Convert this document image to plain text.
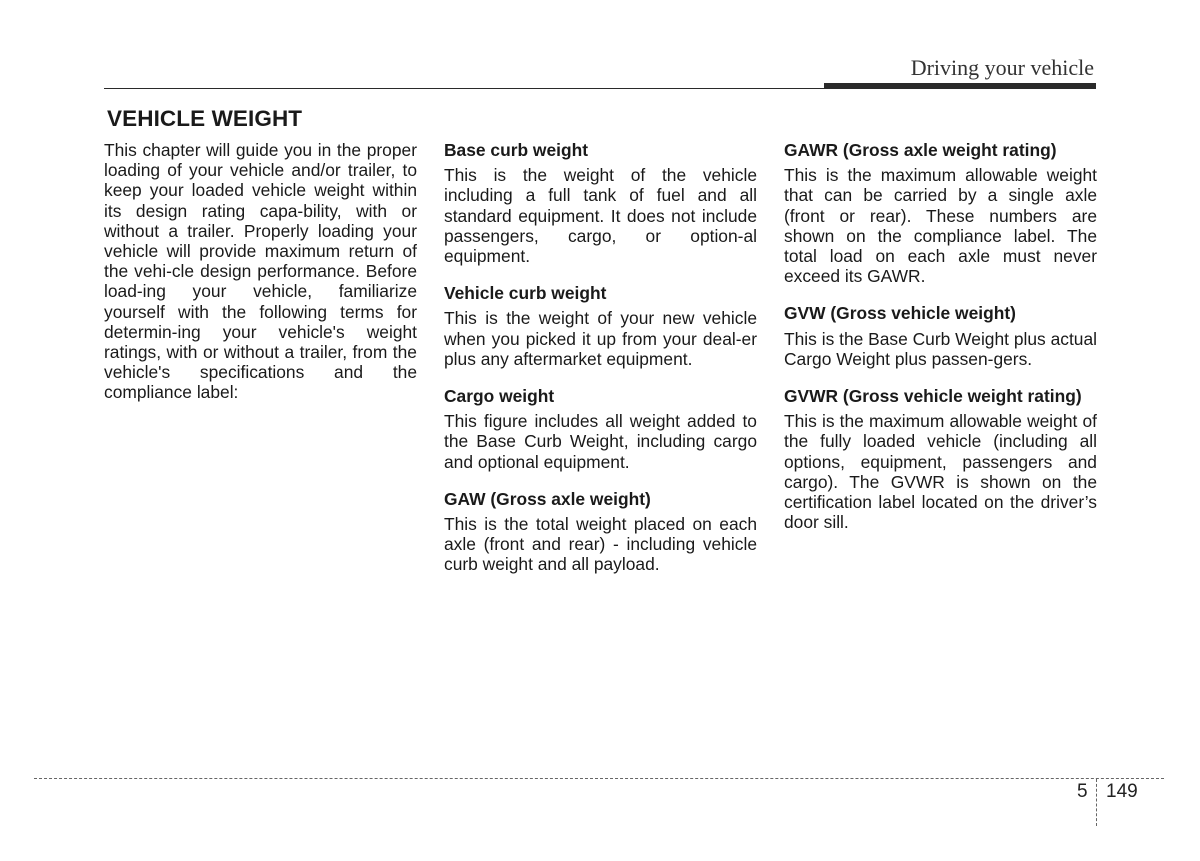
Driving your vehicle
VEHICLE WEIGHT

This chapter will guide you in the proper loading of your vehicle and/or trailer, to keep your loaded vehicle weight within its design rating capa-bility, with or without a trailer. Properly loading your vehicle will provide maximum return of the vehi-cle design performance. Before load-ing your vehicle, familiarize yourself with the following terms for determin-ing your vehicle's weight ratings, with or without a trailer, from the vehicle's specifications and the compliance label:

Base curb weight

This is the weight of the vehicle including a full tank of fuel and all standard equipment. It does not include passengers, cargo, or option-al equipment.

Vehicle curb weight

This is the weight of your new vehicle when you picked it up from your deal-er plus any aftermarket equipment.

Cargo weight

This figure includes all weight added to the Base Curb Weight, including cargo and optional equipment.

GAW (Gross axle weight)

This is the total weight placed on each axle (front and rear) - including vehicle curb weight and all payload.

GAWR (Gross axle weight rating)

This is the maximum allowable weight that can be carried by a single axle (front or rear). These numbers are shown on the compliance label. The total load on each axle must never exceed its GAWR.

GVW (Gross vehicle weight)

This is the Base Curb Weight plus actual Cargo Weight plus passen-gers.

GVWR (Gross vehicle weight rating)

This is the maximum allowable weight of the fully loaded vehicle (including all options, equipment, passengers and cargo). The GVWR is shown on the certification label located on the driver’s door sill.

5 149
